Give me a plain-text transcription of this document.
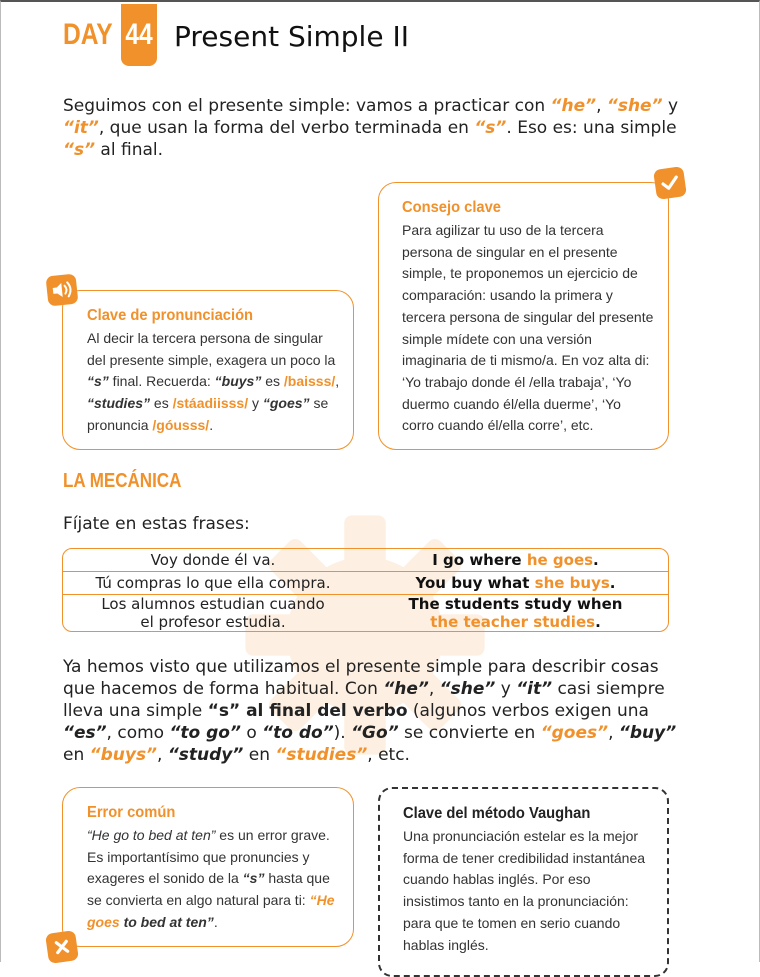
DAY 44 Present Simple II
Seguimos con el presente simple: vamos a practicar con “he”, “she” y “it”, que usan la forma del verbo terminada en “s”. Eso es: una simple “s” al final.
Consejo clave
Para agilizar tu uso de la tercera persona de singular en el presente simple, te proponemos un ejercicio de comparación: usando la primera y tercera persona de singular del presente simple mídete con una versión imaginaria de ti mismo/a. En voz alta di: ‘Yo trabajo donde él /ella trabaja’, ‘Yo duermo cuando él/ella duerme’, ‘Yo corro cuando él/ella corre’, etc.
Clave de pronunciación
Al decir la tercera persona de singular del presente simple, exagera un poco la “s” final. Recuerda: “buys” es /baisss/, “studies” es /stáadiisss/ y “goes” se pronuncia /góusss/.
LA MECÁNICA
Fíjate en estas frases:
Voy donde él va.	I go where he goes.
Tú compras lo que ella compra.	You buy what she buys.
Los alumnos estudian cuando el profesor estudia.
The students study when the teacher studies.
Ya hemos visto que utilizamos el presente simple para describir cosas que hacemos de forma habitual. Con “he”, “she” y “it” casi siempre lleva una simple “s” al final del verbo (algunos verbos exigen una “es”, como “to go” o “to do”). “Go” se convierte en “goes”, “buy” en “buys”, “study” en “studies”, etc.
Error común
“He go to bed at ten” es un error grave. Es importantísimo que pronuncies y exageres el sonido de la “s” hasta que se convierta en algo natural para ti: “He goes to bed at ten”.
Clave del método Vaughan
Una pronunciación estelar es la mejor forma de tener credibilidad instantánea cuando hablas inglés. Por eso insistimos tanto en la pronunciación: para que te tomen en serio cuando hablas inglés.
